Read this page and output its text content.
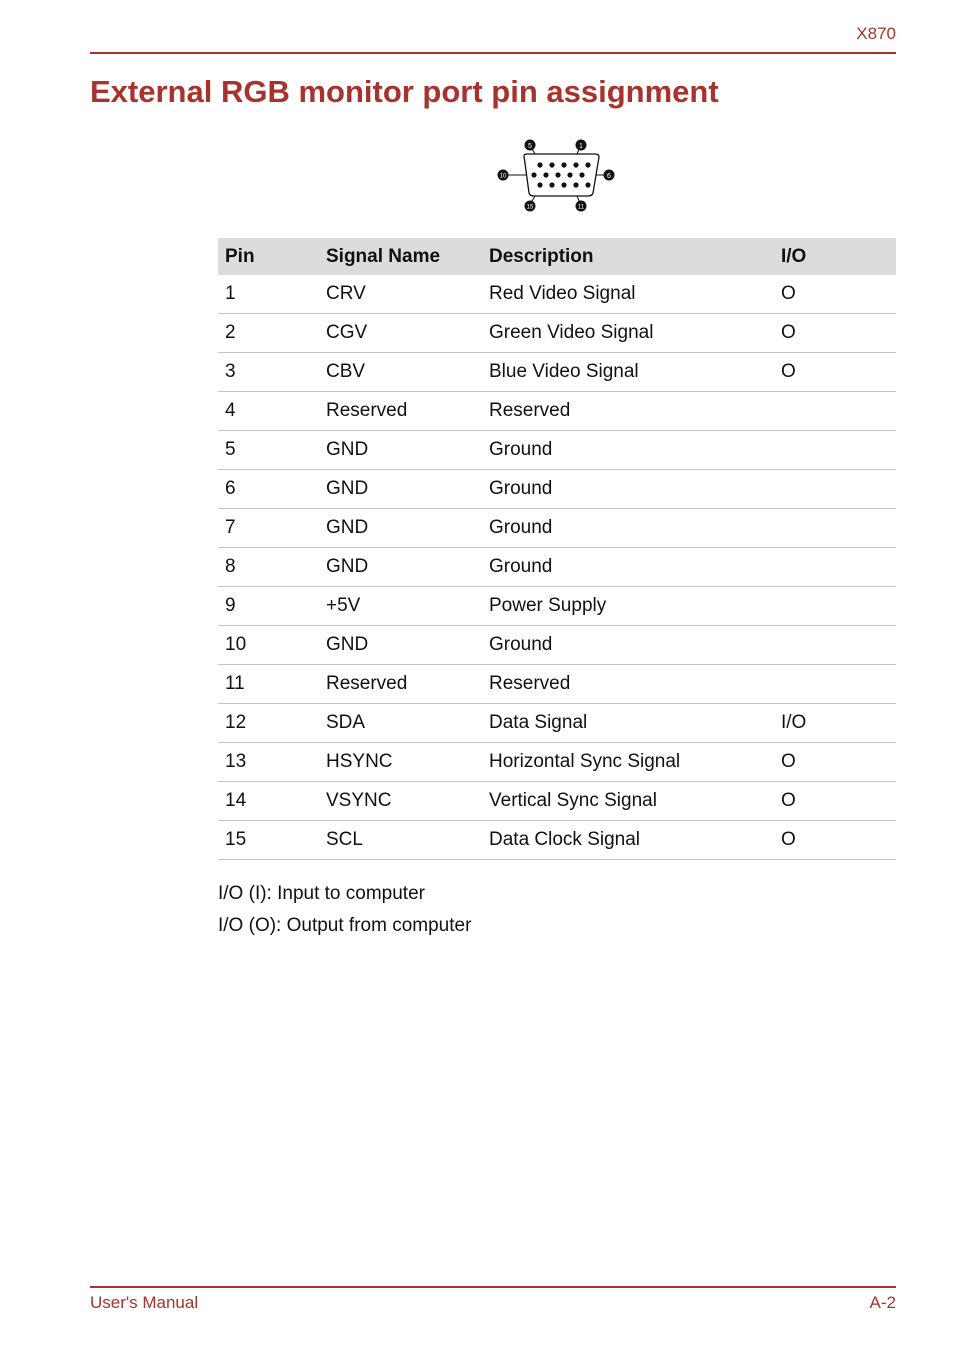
X870
External RGB monitor port pin assignment
5	1
10	6
15	11
Pin	Signal Name	Description	I/O
1	CRV	Red Video Signal	O
2	CGV	Green Video Signal	O
3	CBV	Blue Video Signal	O
4	Reserved	Reserved	
5	GND	Ground	
6	GND	Ground	
7	GND	Ground	
8	GND	Ground	
9	+5V	Power Supply	
10	GND	Ground	
11	Reserved	Reserved	
12	SDA	Data Signal	I/O
13	HSYNC	Horizontal Sync Signal	O
14	VSYNC	Vertical Sync Signal	O
15	SCL	Data Clock Signal	O
I/O (I): Input to computer
I/O (O): Output from computer
User's Manual	A-2
